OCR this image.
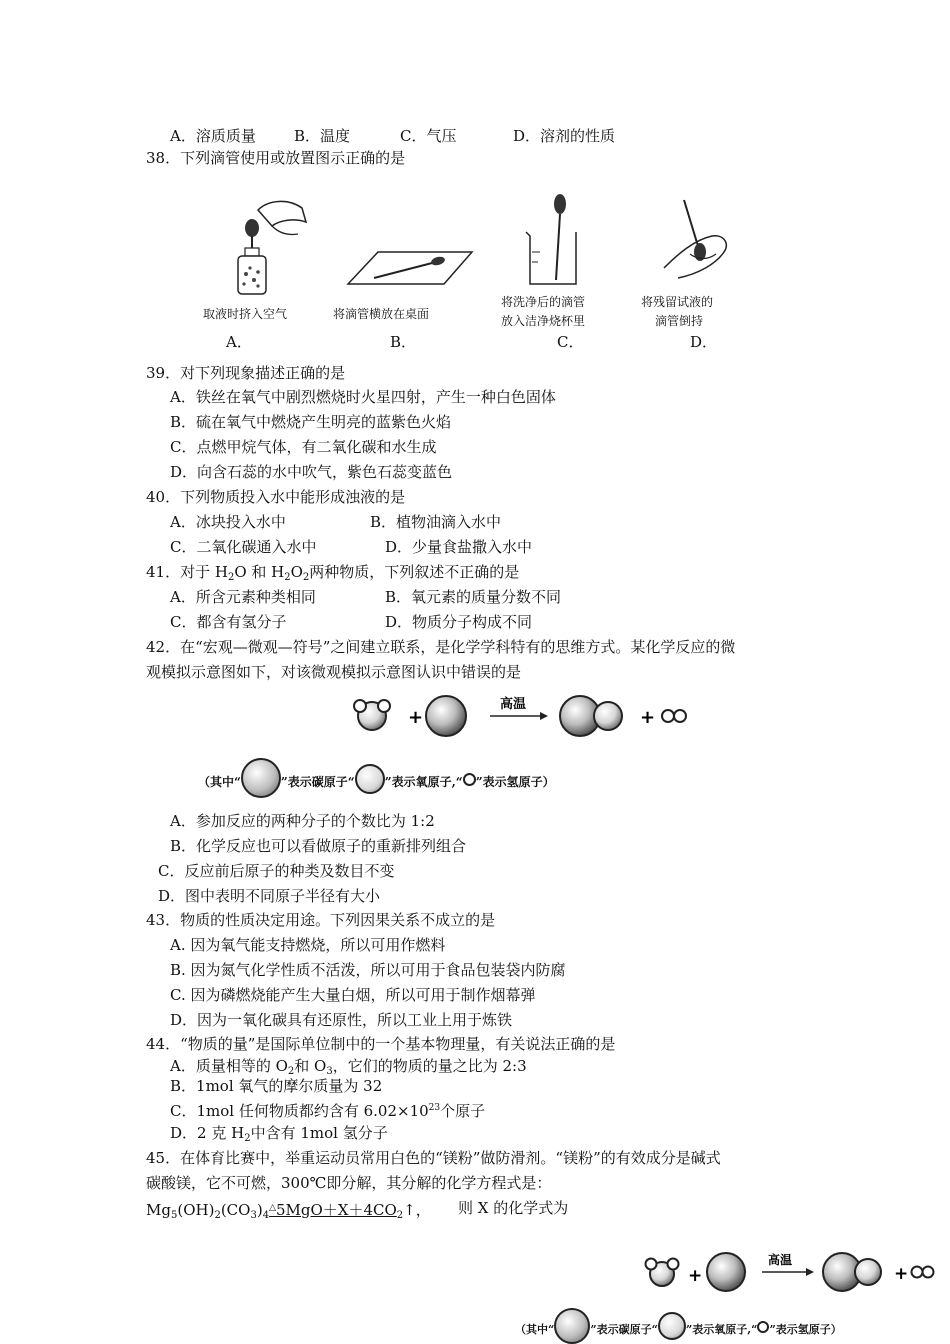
A．溶质质量	B．温度	C．气压	D．溶剂的性质
38．下列滴管使用或放置图示正确的是
取液时挤入空气
A．
将滴管横放在桌面
B．
将洗净后的滴管
放入洁净烧杯里
C．
将残留试液的
滴管倒持
D．
39．对下列现象描述正确的是
A．铁丝在氧气中剧烈燃烧时火星四射，产生一种白色固体
B．硫在氧气中燃烧产生明亮的蓝紫色火焰
C．点燃甲烷气体，有二氧化碳和水生成
D．向含石蕊的水中吹气，紫色石蕊变蓝色
40．下列物质投入水中能形成浊液的是
A．冰块投入水中	B．植物油滴入水中
C．二氧化碳通入水中	D．少量食盐撒入水中
41．对于 $H_2O$ 和 $H_2O_2$两种物质，下列叙述不正确的是
A．所含元素种类相同	B．氧元素的质量分数不同
C．都含有氢分子	D．物质分子构成不同
42．在“宏观—微观—符号”之间建立联系，是化学学科特有的思维方式。某化学反应的微
观模拟示意图如下，对该微观模拟示意图认识中错误的是
+
高温
+
（其中“	”表示碳原子“	”表示氧原子,“ ”表示氢原子）
A．参加反应的两种分子的个数比为 1:2
B．化学反应也可以看做原子的重新排列组合
C．反应前后原子的种类及数目不变
D．图中表明不同原子半径有大小
43．物质的性质决定用途。下列因果关系不成立的是
A. 因为氧气能支持燃烧，所以可用作燃料
B. 因为氮气化学性质不活泼，所以可用于食品包装袋内防腐
C. 因为磷燃烧能产生大量白烟，所以可用于制作烟幕弹
D．因为一氧化碳具有还原性，所以工业上用于炼铁
44．“物质的量”是国际单位制中的一个基本物理量，有关说法正确的是
A．质量相等的 $O_2$和 $O_3$，它们的物质的量之比为 2:3
B．1mol 氧气的摩尔质量为 32
C．1mol 任何物质都约含有 $6.02\times 10^{23}$个原子
D．2 克 $H_2$中含有 1mol 氢分子
45．在体育比赛中，举重运动员常用白色的“镁粉”做防滑剂。“镁粉”的有效成分是碱式
碳酸镁，它不可燃，300℃即分解，其分解的化学方程式是：
$Mg_5(OH)_2(CO_3)_4^\triangle 5MgO+X+4CO_2↑$， 则 X 的化学式为
+
高温
+
（其中“	”表示碳原子“	”表示氧原子,“ ”表示氢原子）
